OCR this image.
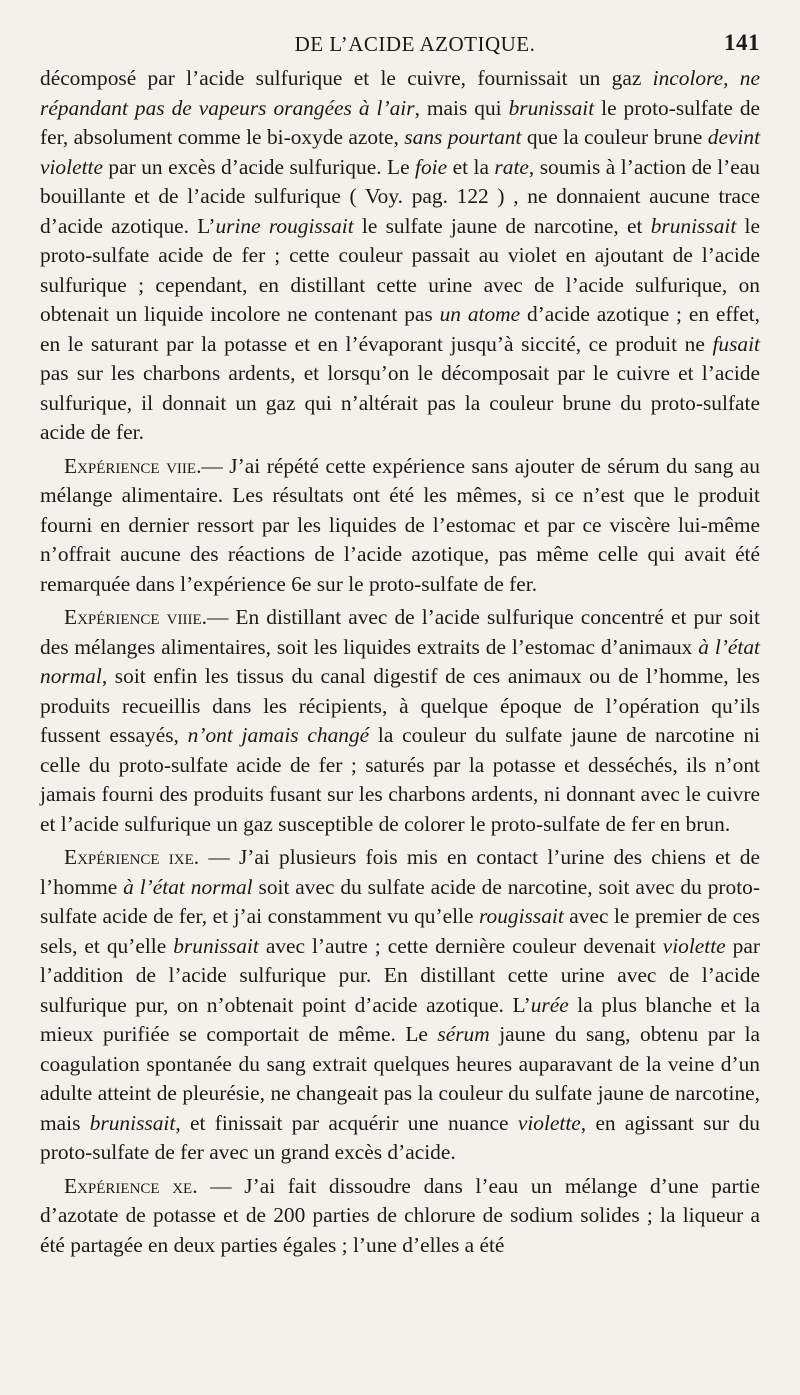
DE L’ACIDE AZOTIQUE.	141

décomposé par l’acide sulfurique et le cuivre, fournissait un gaz incolore, ne répandant pas de vapeurs orangées à l’air, mais qui brunissait le proto-sulfate de fer, absolument comme le bi-oxyde azote, sans pourtant que la couleur brune devint violette par un excès d’acide sulfurique. Le foie et la rate, soumis à l’action de l’eau bouillante et de l’acide sulfurique ( Voy. pag. 122 ) , ne donnaient aucune trace d’acide azotique. L’urine rougissait le sulfate jaune de narcotine, et brunissait le proto-sulfate acide de fer ; cette couleur passait au violet en ajoutant de l’acide sulfurique ; cependant, en distillant cette urine avec de l’acide sulfurique, on obtenait un liquide incolore ne contenant pas un atome d’acide azotique ; en effet, en le saturant par la potasse et en l’évaporant jusqu’à siccité, ce produit ne fusait pas sur les charbons ardents, et lorsqu’on le décomposait par le cuivre et l’acide sulfurique, il donnait un gaz qui n’altérait pas la couleur brune du proto-sulfate acide de fer.

Expérience viie.— J’ai répété cette expérience sans ajouter de sérum du sang au mélange alimentaire. Les résultats ont été les mêmes, si ce n’est que le produit fourni en dernier ressort par les liquides de l’estomac et par ce viscère lui-même n’offrait aucune des réactions de l’acide azotique, pas même celle qui avait été remarquée dans l’expérience 6e sur le proto-sulfate de fer.

Expérience viiie.— En distillant avec de l’acide sulfurique concentré et pur soit des mélanges alimentaires, soit les liquides extraits de l’estomac d’animaux à l’état normal, soit enfin les tissus du canal digestif de ces animaux ou de l’homme, les produits recueillis dans les récipients, à quelque époque de l’opération qu’ils fussent essayés, n’ont jamais changé la couleur du sulfate jaune de narcotine ni celle du proto-sulfate acide de fer ; saturés par la potasse et desséchés, ils n’ont jamais fourni des produits fusant sur les charbons ardents, ni donnant avec le cuivre et l’acide sulfurique un gaz susceptible de colorer le proto-sulfate de fer en brun.

Expérience ixe. — J’ai plusieurs fois mis en contact l’urine des chiens et de l’homme à l’état normal soit avec du sulfate acide de narcotine, soit avec du proto-sulfate acide de fer, et j’ai constamment vu qu’elle rougissait avec le premier de ces sels, et qu’elle brunissait avec l’autre ; cette dernière couleur devenait violette par l’addition de l’acide sulfurique pur. En distillant cette urine avec de l’acide sulfurique pur, on n’obtenait point d’acide azotique. L’urée la plus blanche et la mieux purifiée se comportait de même. Le sérum jaune du sang, obtenu par la coagulation spontanée du sang extrait quelques heures auparavant de la veine d’un adulte atteint de pleurésie, ne changeait pas la couleur du sulfate jaune de narcotine, mais brunissait, et finissait par acquérir une nuance violette, en agissant sur du proto-sulfate de fer avec un grand excès d’acide.

Expérience xe. — J’ai fait dissoudre dans l’eau un mélange d’une partie d’azotate de potasse et de 200 parties de chlorure de sodium solides ; la liqueur a été partagée en deux parties égales ; l’une d’elles a été
